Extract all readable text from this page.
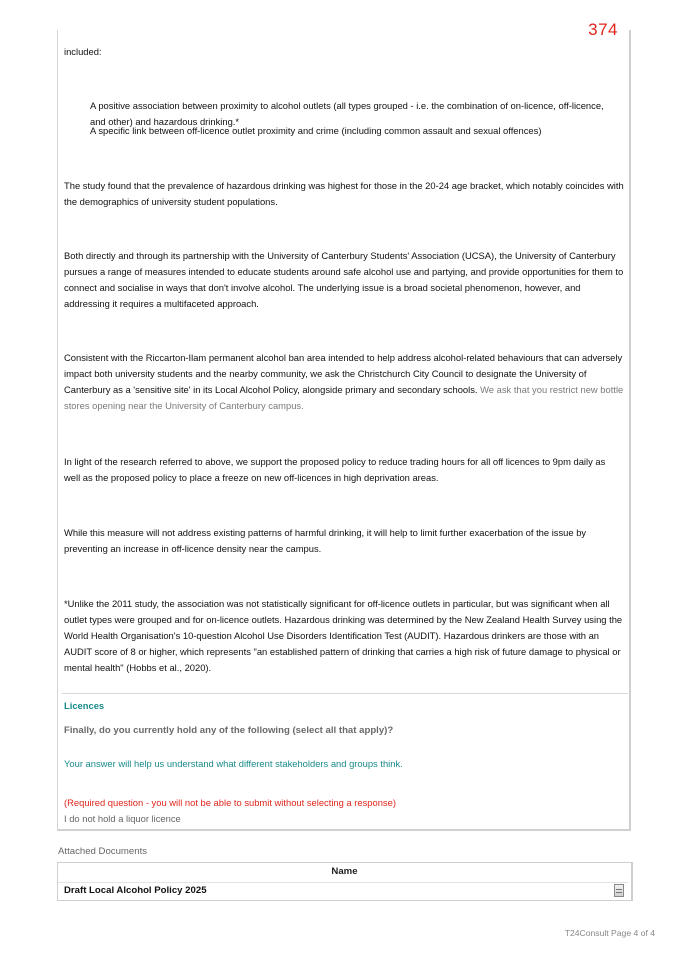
374

included:

A positive association between proximity to alcohol outlets (all types grouped - i.e. the combination of on-licence, off-licence, and other) and hazardous drinking.*

A specific link between off-licence outlet proximity and crime (including common assault and sexual offences)

The study found that the prevalence of hazardous drinking was highest for those in the 20-24 age bracket, which notably coincides with the demographics of university student populations.

Both directly and through its partnership with the University of Canterbury Students' Association (UCSA), the University of Canterbury pursues a range of measures intended to educate students around safe alcohol use and partying, and provide opportunities for them to connect and socialise in ways that don't involve alcohol. The underlying issue is a broad societal phenomenon, however, and addressing it requires a multifaceted approach.

Consistent with the Riccarton-Ilam permanent alcohol ban area intended to help address alcohol-related behaviours that can adversely impact both university students and the nearby community, we ask the Christchurch City Council to designate the University of Canterbury as a 'sensitive site' in its Local Alcohol Policy, alongside primary and secondary schools. We ask that you restrict new bottle stores opening near the University of Canterbury campus.

In light of the research referred to above, we support the proposed policy to reduce trading hours for all off licences to 9pm daily as well as the proposed policy to place a freeze on new off-licences in high deprivation areas.

While this measure will not address existing patterns of harmful drinking, it will help to limit further exacerbation of the issue by preventing an increase in off-licence density near the campus.

*Unlike the 2011 study, the association was not statistically significant for off-licence outlets in particular, but was significant when all outlet types were grouped and for on-licence outlets. Hazardous drinking was determined by the New Zealand Health Survey using the World Health Organisation's 10-question Alcohol Use Disorders Identification Test (AUDIT). Hazardous drinkers are those with an AUDIT score of 8 or higher, which represents "an established pattern of drinking that carries a high risk of future damage to physical or mental health" (Hobbs et al., 2020).

Licences
Finally, do you currently hold any of the following (select all that apply)?
Your answer will help us understand what different stakeholders and groups think.
(Required question - you will not be able to submit without selecting a response)
I do not hold a liquor licence
Attached Documents
Name
Draft Local Alcohol Policy 2025
T24Consult Page 4 of 4
